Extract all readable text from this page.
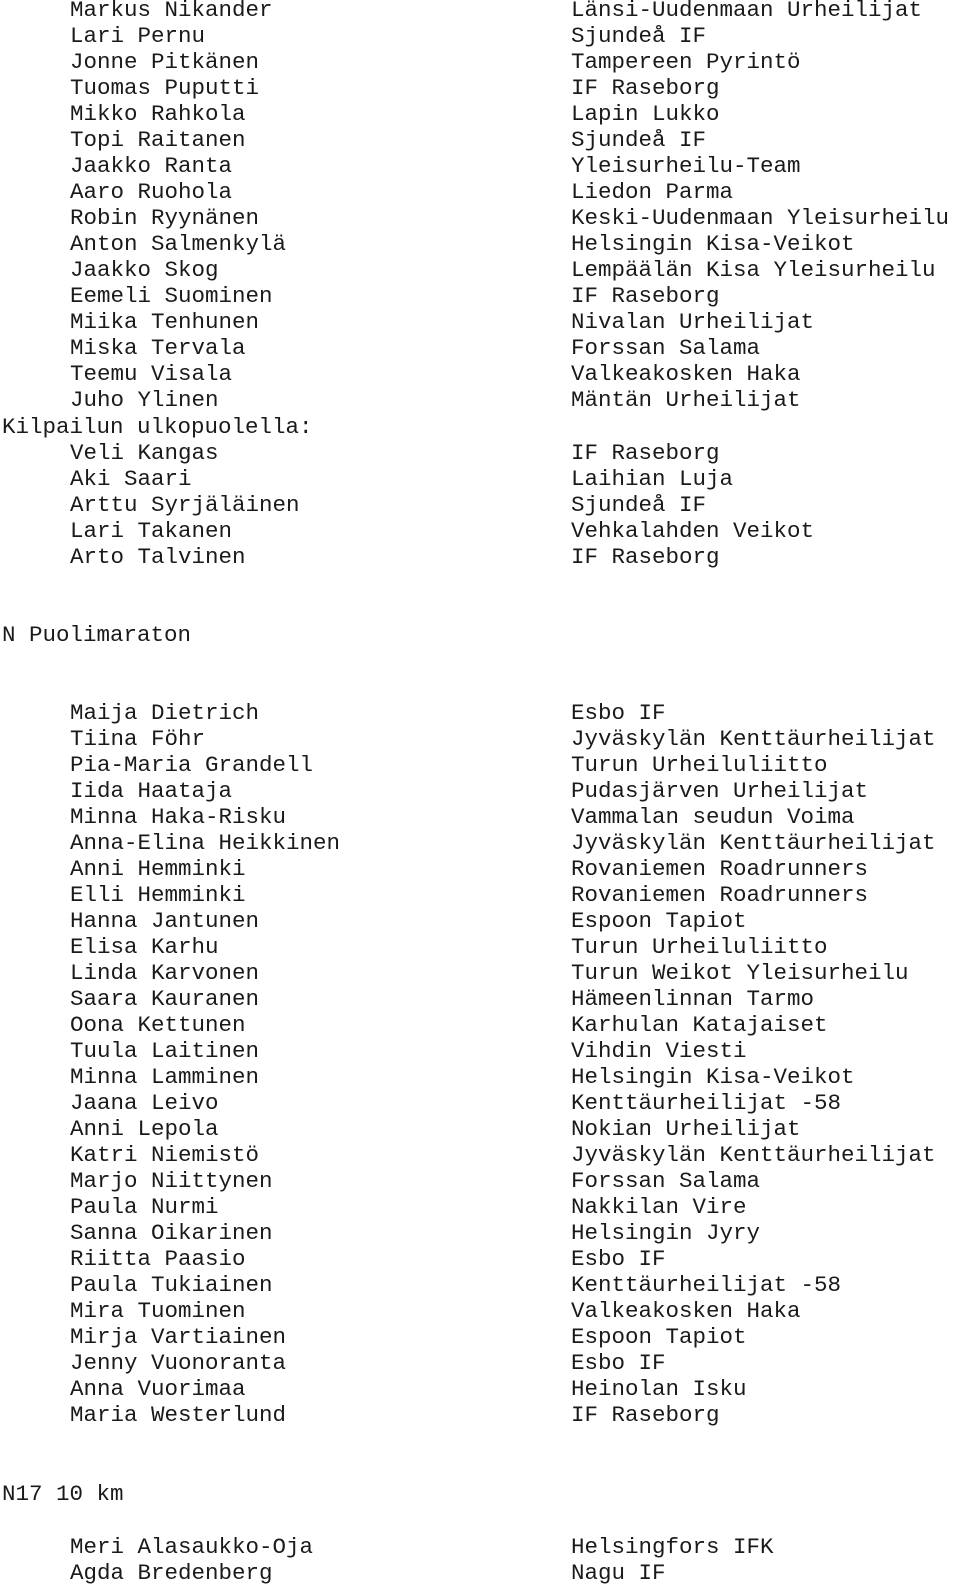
Markus Nikander	Länsi-Uudenmaan Urheilijat
Lari Pernu	Sjundeå IF
Jonne Pitkänen	Tampereen Pyrintö
Tuomas Puputti	IF Raseborg
Mikko Rahkola	Lapin Lukko
Topi Raitanen	Sjundeå IF
Jaakko Ranta	Yleisurheilu-Team
Aaro Ruohola	Liedon Parma
Robin Ryynänen	Keski-Uudenmaan Yleisurheilu
Anton Salmenkylä	Helsingin Kisa-Veikot
Jaakko Skog	Lempäälän Kisa Yleisurheilu
Eemeli Suominen	IF Raseborg
Miika Tenhunen	Nivalan Urheilijat
Miska Tervala	Forssan Salama
Teemu Visala	Valkeakosken Haka
Juho Ylinen	Mäntän Urheilijat
Kilpailun ulkopuolella:
Veli Kangas	IF Raseborg
Aki Saari	Laihian Luja
Arttu Syrjäläinen	Sjundeå IF
Lari Takanen	Vehkalahden Veikot
Arto Talvinen	IF Raseborg
N Puolimaraton
Maija Dietrich	Esbo IF
Tiina Föhr	Jyväskylän Kenttäurheilijat
Pia-Maria Grandell	Turun Urheiluliitto
Iida Haataja	Pudasjärven Urheilijat
Minna Haka-Risku	Vammalan seudun Voima
Anna-Elina Heikkinen	Jyväskylän Kenttäurheilijat
Anni Hemminki	Rovaniemen Roadrunners
Elli Hemminki	Rovaniemen Roadrunners
Hanna Jantunen	Espoon Tapiot
Elisa Karhu	Turun Urheiluliitto
Linda Karvonen	Turun Weikot Yleisurheilu
Saara Kauranen	Hämeenlinnan Tarmo
Oona Kettunen	Karhulan Katajaiset
Tuula Laitinen	Vihdin Viesti
Minna Lamminen	Helsingin Kisa-Veikot
Jaana Leivo	Kenttäurheilijat -58
Anni Lepola	Nokian Urheilijat
Katri Niemistö	Jyväskylän Kenttäurheilijat
Marjo Niittynen	Forssan Salama
Paula Nurmi	Nakkilan Vire
Sanna Oikarinen	Helsingin Jyry
Riitta Paasio	Esbo IF
Paula Tukiainen	Kenttäurheilijat -58
Mira Tuominen	Valkeakosken Haka
Mirja Vartiainen	Espoon Tapiot
Jenny Vuonoranta	Esbo IF
Anna Vuorimaa	Heinolan Isku
Maria Westerlund	IF Raseborg
N17 10 km
Meri Alasaukko-Oja	Helsingfors IFK
Agda Bredenberg	Nagu IF
